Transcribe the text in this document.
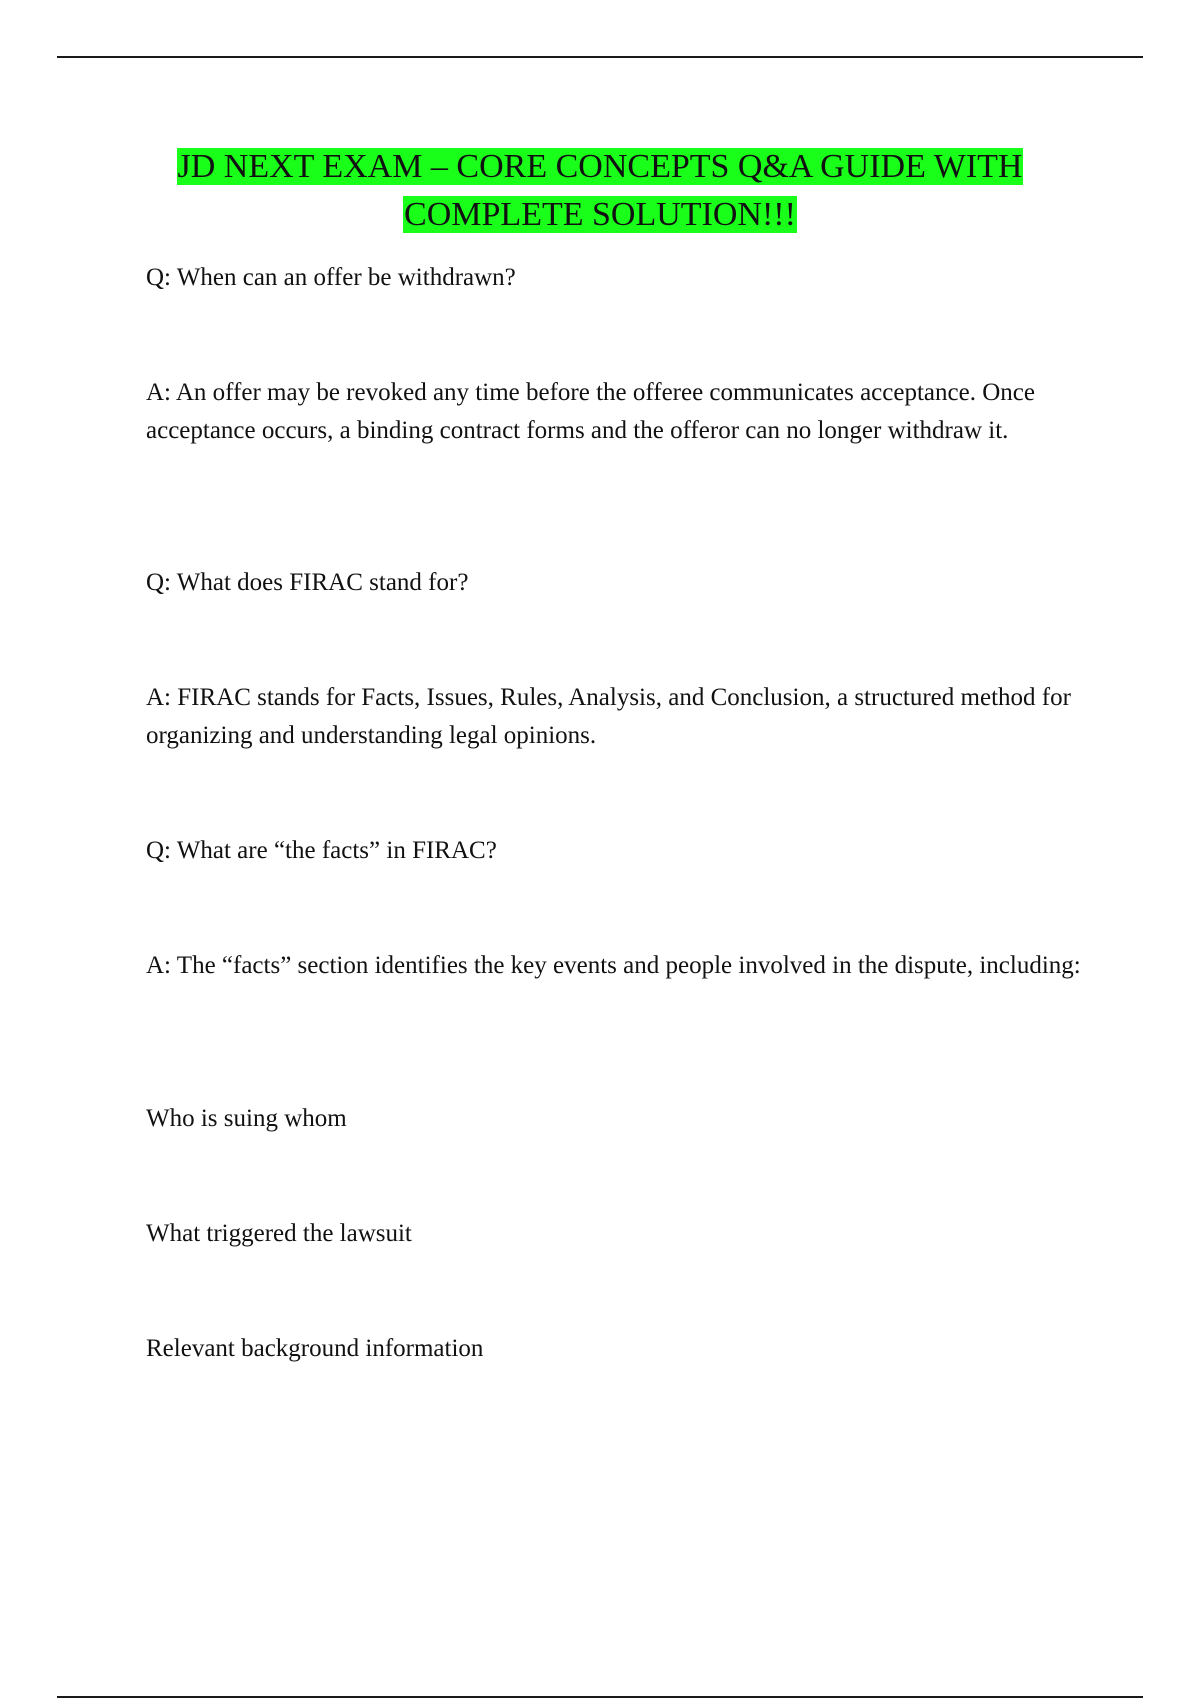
JD NEXT EXAM – CORE CONCEPTS Q&A GUIDE WITH COMPLETE SOLUTION!!!

Q: When can an offer be withdrawn?

A: An offer may be revoked any time before the offeree communicates acceptance. Once acceptance occurs, a binding contract forms and the offeror can no longer withdraw it.

Q: What does FIRAC stand for?

A: FIRAC stands for Facts, Issues, Rules, Analysis, and Conclusion, a structured method for organizing and understanding legal opinions.

Q: What are “the facts” in FIRAC?

A: The “facts” section identifies the key events and people involved in the dispute, including:

Who is suing whom

What triggered the lawsuit

Relevant background information
